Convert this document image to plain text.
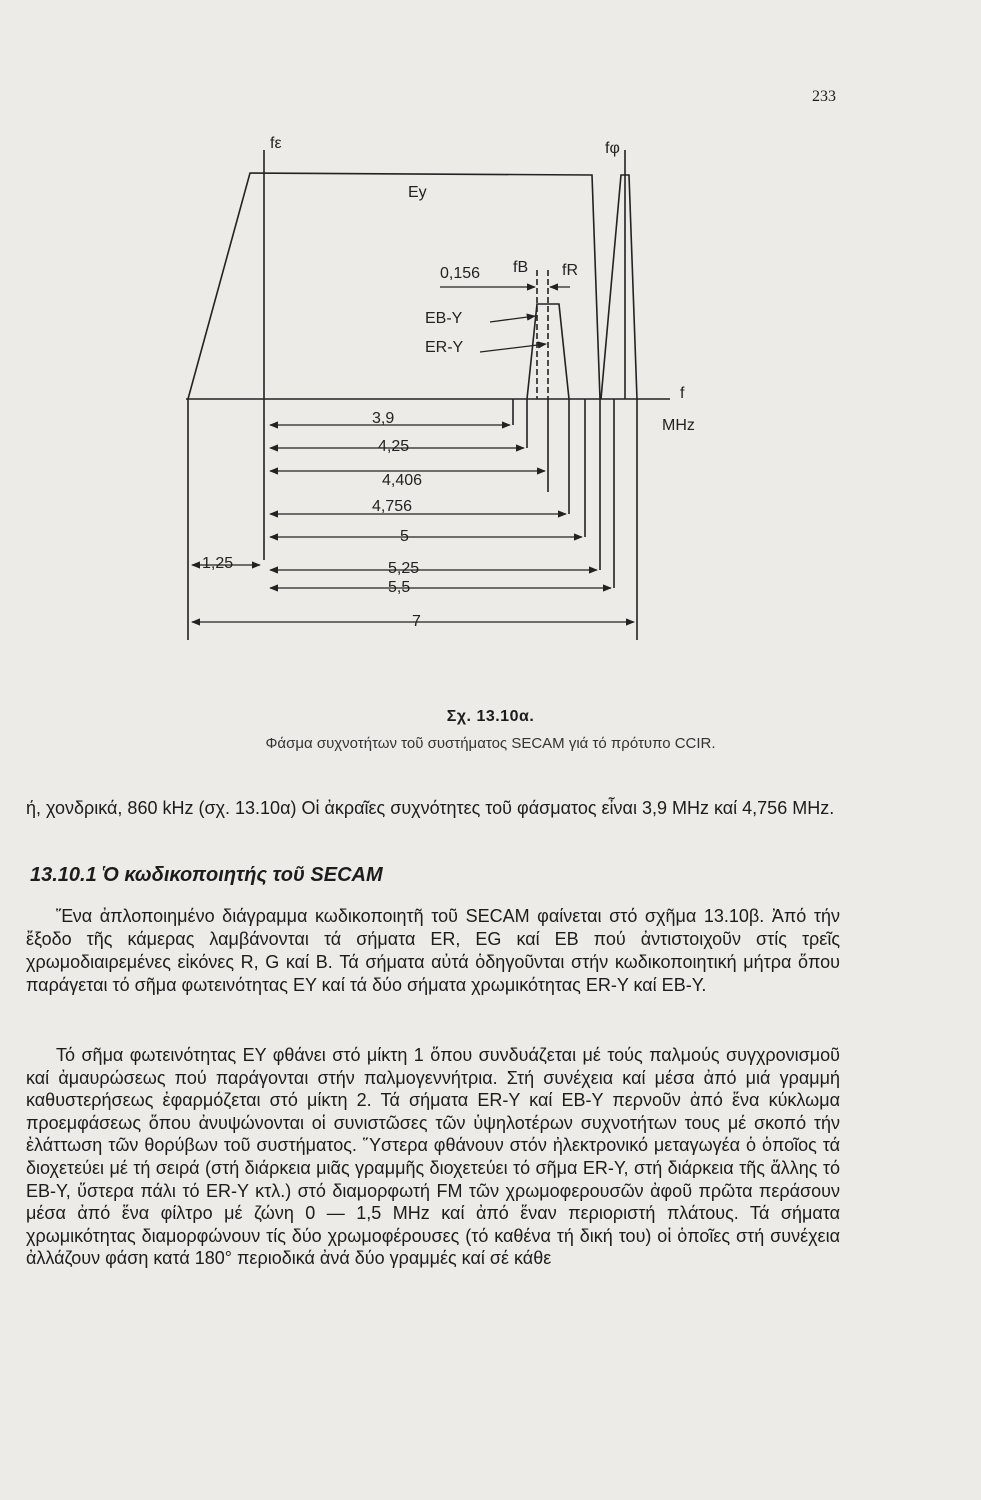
233
fε	fφ
Ey
0,156 fB fR
EB-Y
ER-Y
f
MHz
3,9
4,25
4,406
4,756
5
5,25
5,5
7
1,25
Σχ. 13.10α.
Φάσμα συχνοτήτων τοῦ συστήματος SECAM γιά τό πρότυπο CCIR.
ή, χονδρικά, 860 kHz (σχ. 13.10α) Οἱ ἀκραῖες συχνότητες τοῦ φάσματος εἶναι 3,9 MHz καί 4,756 MHz.
13.10.1 Ὁ κωδικοποιητής τοῦ SECAM
Ἕνα ἀπλοποιημένο διάγραμμα κωδικοποιητῆ τοῦ SECAM φαίνεται στό σχῆμα 13.10β. Ἀπό τήν ἔξοδο τῆς κάμερας λαμβάνονται τά σήματα ER, EG καί EB πού ἀντιστοιχοῦν στίς τρεῖς χρωμοδιαιρεμένες εἰκόνες R, G καί B. Τά σήματα αὐτά ὁδηγοῦνται στήν κωδικοποιητική μήτρα ὅπου παράγεται τό σῆμα φωτεινότητας EY καί τά δύο σήματα χρωμικότητας ER-Y καί EB-Y.
Τό σῆμα φωτεινότητας EY φθάνει στό μίκτη 1 ὅπου συνδυάζεται μέ τούς παλμούς συγχρονισμοῦ καί ἀμαυρώσεως πού παράγονται στήν παλμογεννήτρια. Στή συνέχεια καί μέσα ἀπό μιά γραμμή καθυστερήσεως ἐφαρμόζεται στό μίκτη 2. Τά σήματα ER-Y καί EB-Y περνοῦν ἀπό ἕνα κύκλωμα προεμφάσεως ὅπου ἀνυψώνονται οἱ συνιστῶσες τῶν ὑψηλοτέρων συχνοτήτων τους μέ σκοπό τήν ἐλάττωση τῶν θορύβων τοῦ συστήματος. Ὕστερα φθάνουν στόν ἠλεκτρονικό μεταγωγέα ὁ ὁποῖος τά διοχετεύει μέ τή σειρά (στή διάρκεια μιᾶς γραμμῆς διοχετεύει τό σῆμα ER-Y, στή διάρκεια τῆς ἄλλης τό EB-Y, ὕστερα πάλι τό ER-Y κτλ.) στό διαμορφωτή FM τῶν χρωμοφερουσῶν ἀφοῦ πρῶτα περάσουν μέσα ἀπό ἕνα φίλτρο μέ ζώνη 0 — 1,5 MHz καί ἀπό ἕναν περιοριστή πλάτους. Τά σήματα χρωμικότητας διαμορφώνουν τίς δύο χρωμοφέρουσες (τό καθένα τή δική του) οἱ ὁποῖες στή συνέχεια ἀλλάζουν φάση κατά 180° περιοδικά ἀνά δύο γραμμές καί σέ κάθε
